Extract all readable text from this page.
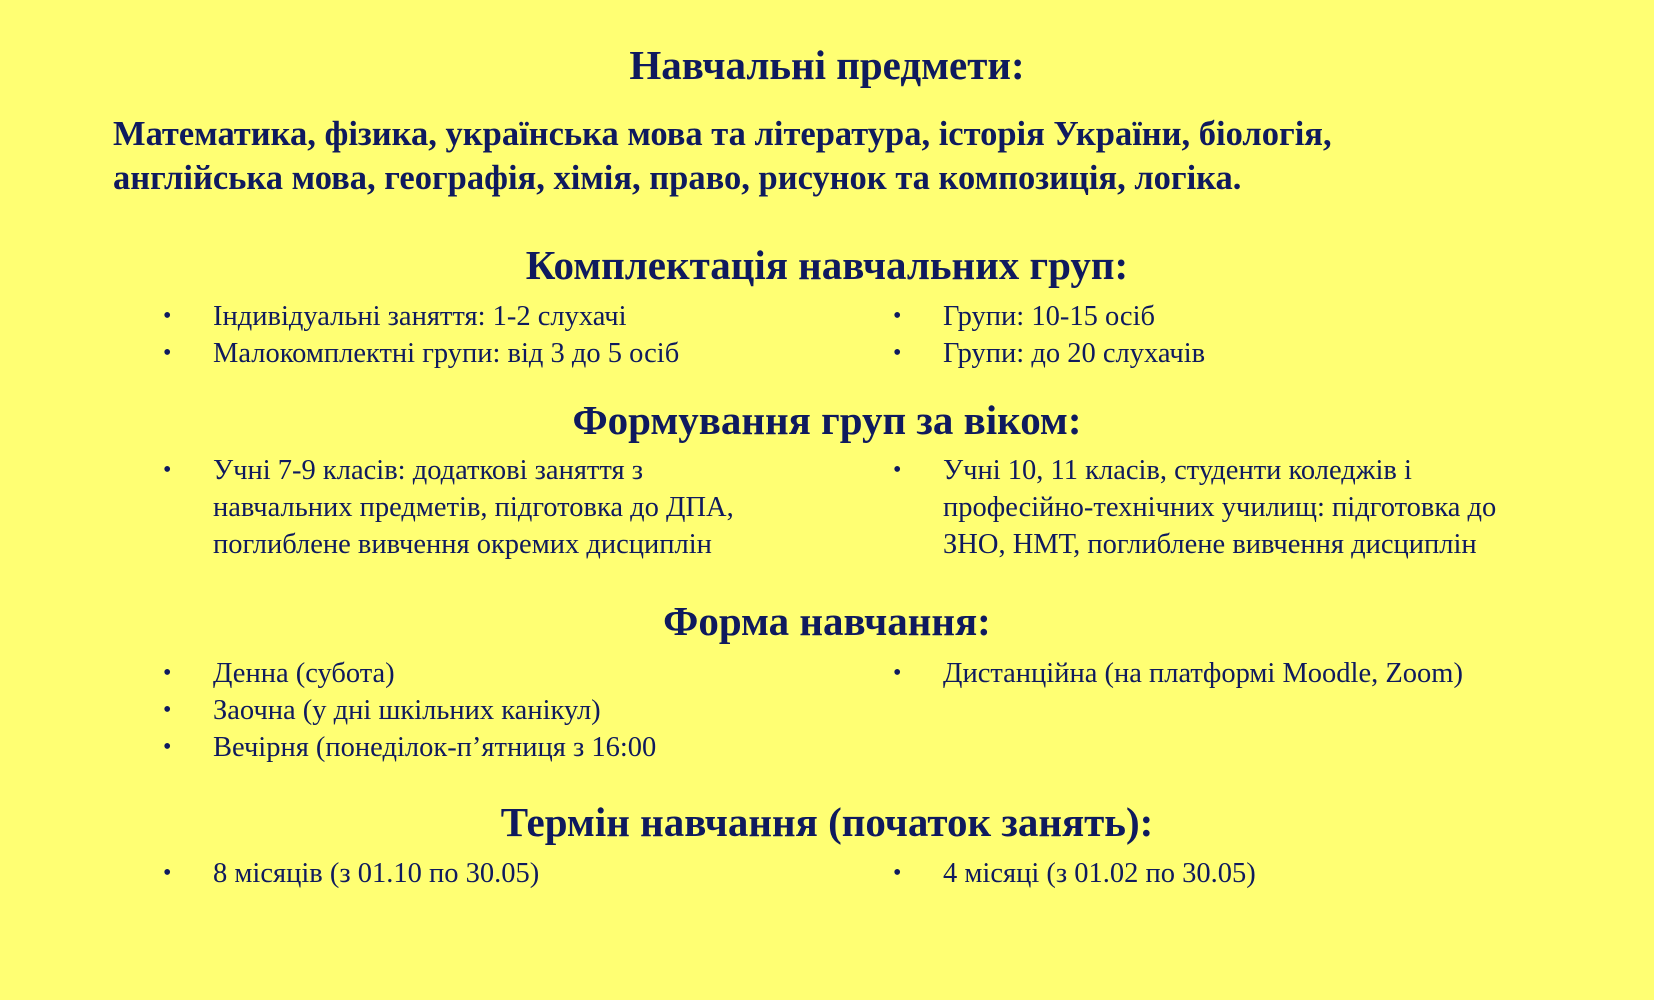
Навчальні предмети:
Математика, фізика, українська мова та література, історія України, біологія,
англійська мова, географія, хімія, право, рисунок та композиція, логіка.
Комплектація навчальних груп:
•	Індивідуальні заняття: 1-2 слухачі
•	Малокомплектні групи: від 3 до 5 осіб
•	Групи: 10-15 осіб
•	Групи: до 20 слухачів
Формування груп за віком:
•	Учні 7-9 класів: додаткові заняття з
навчальних предметів, підготовка до ДПА,
поглиблене вивчення окремих дисциплін
•	Учні 10, 11 класів, студенти коледжів і
професійно-технічних училищ: підготовка до
ЗНО, НМТ, поглиблене вивчення дисциплін
Форма навчання:
•	Денна (субота)
•	Заочна (у дні шкільних канікул)
•	Вечірня (понеділок-п’ятниця з 16:00
•	Дистанційна (на платформі Moodle, Zoom)
Термін навчання (початок занять):
•	8 місяців (з 01.10 по 30.05)	•	4 місяці (з 01.02 по 30.05)
